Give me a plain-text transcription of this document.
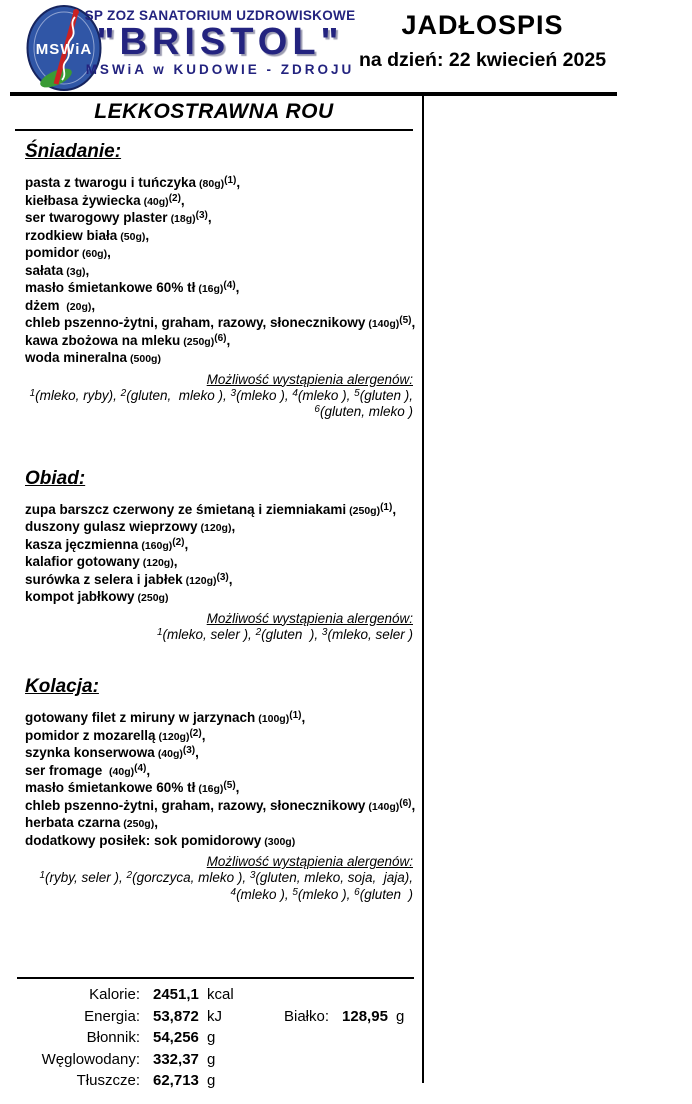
MSWiA
SP ZOZ SANATORIUM UZDROWISKOWE
"BRISTOL"
MSWiA w KUDOWIE - ZDROJU
JADŁOSPIS
na dzień: 22 kwiecień 2025
LEKKOSTRAWNA ROU
Śniadanie:
pasta z twarogu i tuńczyka $(80g)^{(1)}$,
kiełbasa żywiecka $(40g)^{(2)}$,
ser twarogowy plaster $(18g)^{(3)}$,
rzodkiew biała (50g),
pomidor (60g),
sałata (3g),
masło śmietankowe 60% tł $(16g)^{(4)}$,
dżem (20g),
chleb pszenno-żytni, graham, razowy, słonecznikowy $(140g)^{(5)}$,
kawa zbożowa na mleku $(250g)^{(6)}$,
woda mineralna (500g)
Możliwość wystąpienia alergenów:
$^1$(mleko, ryby), $^2$(gluten,  mleko ), $^3$(mleko ), $^4$(mleko ), $^5$(gluten ),
$^6$(gluten, mleko )
Obiad:
zupa barszcz czerwony ze śmietaną i ziemniakami $(250g)^{(1)}$,
duszony gulasz wieprzowy (120g),
kasza jęczmienna $(160g)^{(2)}$,
kalafior gotowany (120g),
surówka z selera i jabłek $(120g)^{(3)}$,
kompot jabłkowy (250g)
Możliwość wystąpienia alergenów:
$^1$(mleko, seler ), $^2$(gluten  ), $^3$(mleko, seler )
Kolacja:
gotowany filet z miruny w jarzynach $(100g)^{(1)}$,
pomidor z mozarellą $(120g)^{(2)}$,
szynka konserwowa $(40g)^{(3)}$,
ser fromage $(40g)^{(4)}$,
masło śmietankowe 60% tł $(16g)^{(5)}$,
chleb pszenno-żytni, graham, razowy, słonecznikowy $(140g)^{(6)}$,
herbata czarna (250g),
dodatkowy posiłek: sok pomidorowy (300g)
Możliwość wystąpienia alergenów:
$^1$(ryby, seler ), $^2$(gorczyca, mleko ), $^3$(gluten, mleko, soja,  jaja),
$^4$(mleko ), $^5$(mleko ), $^6$(gluten  )
Kalorie: 2451,1 kcal
Energia: 53,872 kJ	Białko: 128,95 g
Błonnik: 54,256 g
Węglowodany: 332,37 g
Tłuszcze: 62,713 g
